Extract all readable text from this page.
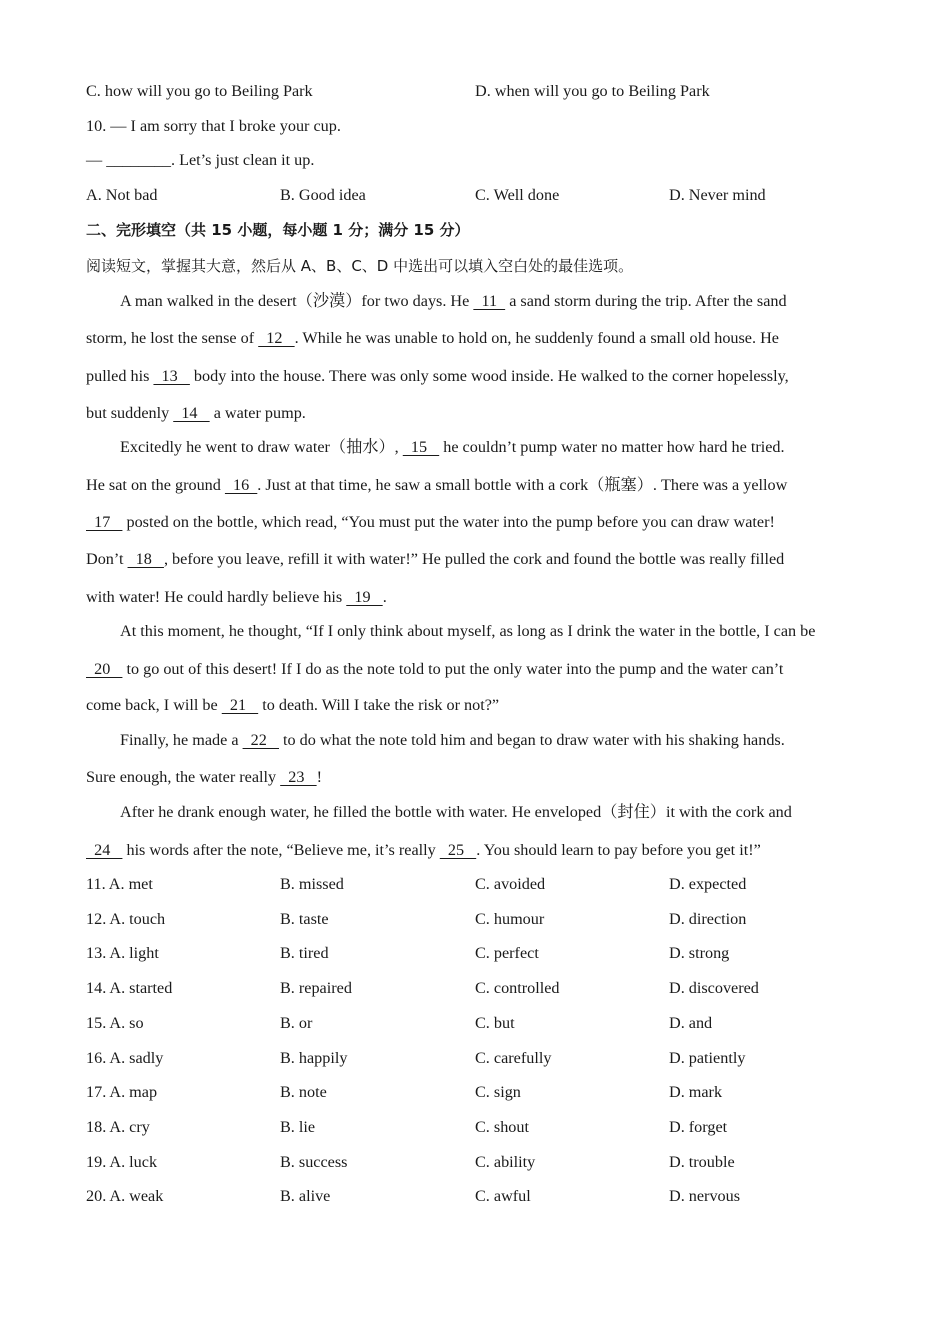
C. how will you go to Beiling Park	D. when will you go to Beiling Park
10. — I am sorry that I broke your cup.
— ________. Let’s just clean it up.
A. Not bad	B. Good idea	C. Well done	D. Never mind
二、完形填空（共 15 小题，每小题 1 分；满分 15 分）
阅读短文，掌握其大意，然后从 A、B、C、D 中选出可以填入空白处的最佳选项。
A man walked in the desert（沙漠）for two days. He   11   a sand storm during the trip. After the sand
storm, he lost the sense of   12   . While he was unable to hold on, he suddenly found a small old house. He
pulled his   13    body into the house. There was only some wood inside. He walked to the corner hopelessly,
but suddenly   14    a water pump.
Excitedly he went to draw water（抽水）,   15    he couldn’t pump water no matter how hard he tried.
He sat on the ground   16  . Just at that time, he saw a small bottle with a cork（瓶塞）. There was a yellow
17    posted on the bottle, which read, “You must put the water into the pump before you can draw water!
Don’t   18   , before you leave, refill it with water!” He pulled the cork and found the bottle was really filled
with water! He could hardly believe his   19   .
At this moment, he thought, “If I only think about myself, as long as I drink the water in the bottle, I can be
20    to go out of this desert! If I do as the note told to put the only water into the pump and the water can’t
come back, I will be   21    to death. Will I take the risk or not?”
Finally, he made a   22    to do what the note told him and began to draw water with his shaking hands.
Sure enough, the water really   23   !
After he drank enough water, he filled the bottle with water. He enveloped（封住）it with the cork and
24    his words after the note, “Believe me, it’s really   25   . You should learn to pay before you get it!”
11. A. met	B. missed	C. avoided	D. expected
12. A. touch	B. taste	C. humour	D. direction
13. A. light	B. tired	C. perfect	D. strong
14. A. started	B. repaired	C. controlled	D. discovered
15. A. so	B. or	C. but	D. and
16. A. sadly	B. happily	C. carefully	D. patiently
17. A. map	B. note	C. sign	D. mark
18. A. cry	B. lie	C. shout	D. forget
19. A. luck	B. success	C. ability	D. trouble
20. A. weak	B. alive	C. awful	D. nervous
